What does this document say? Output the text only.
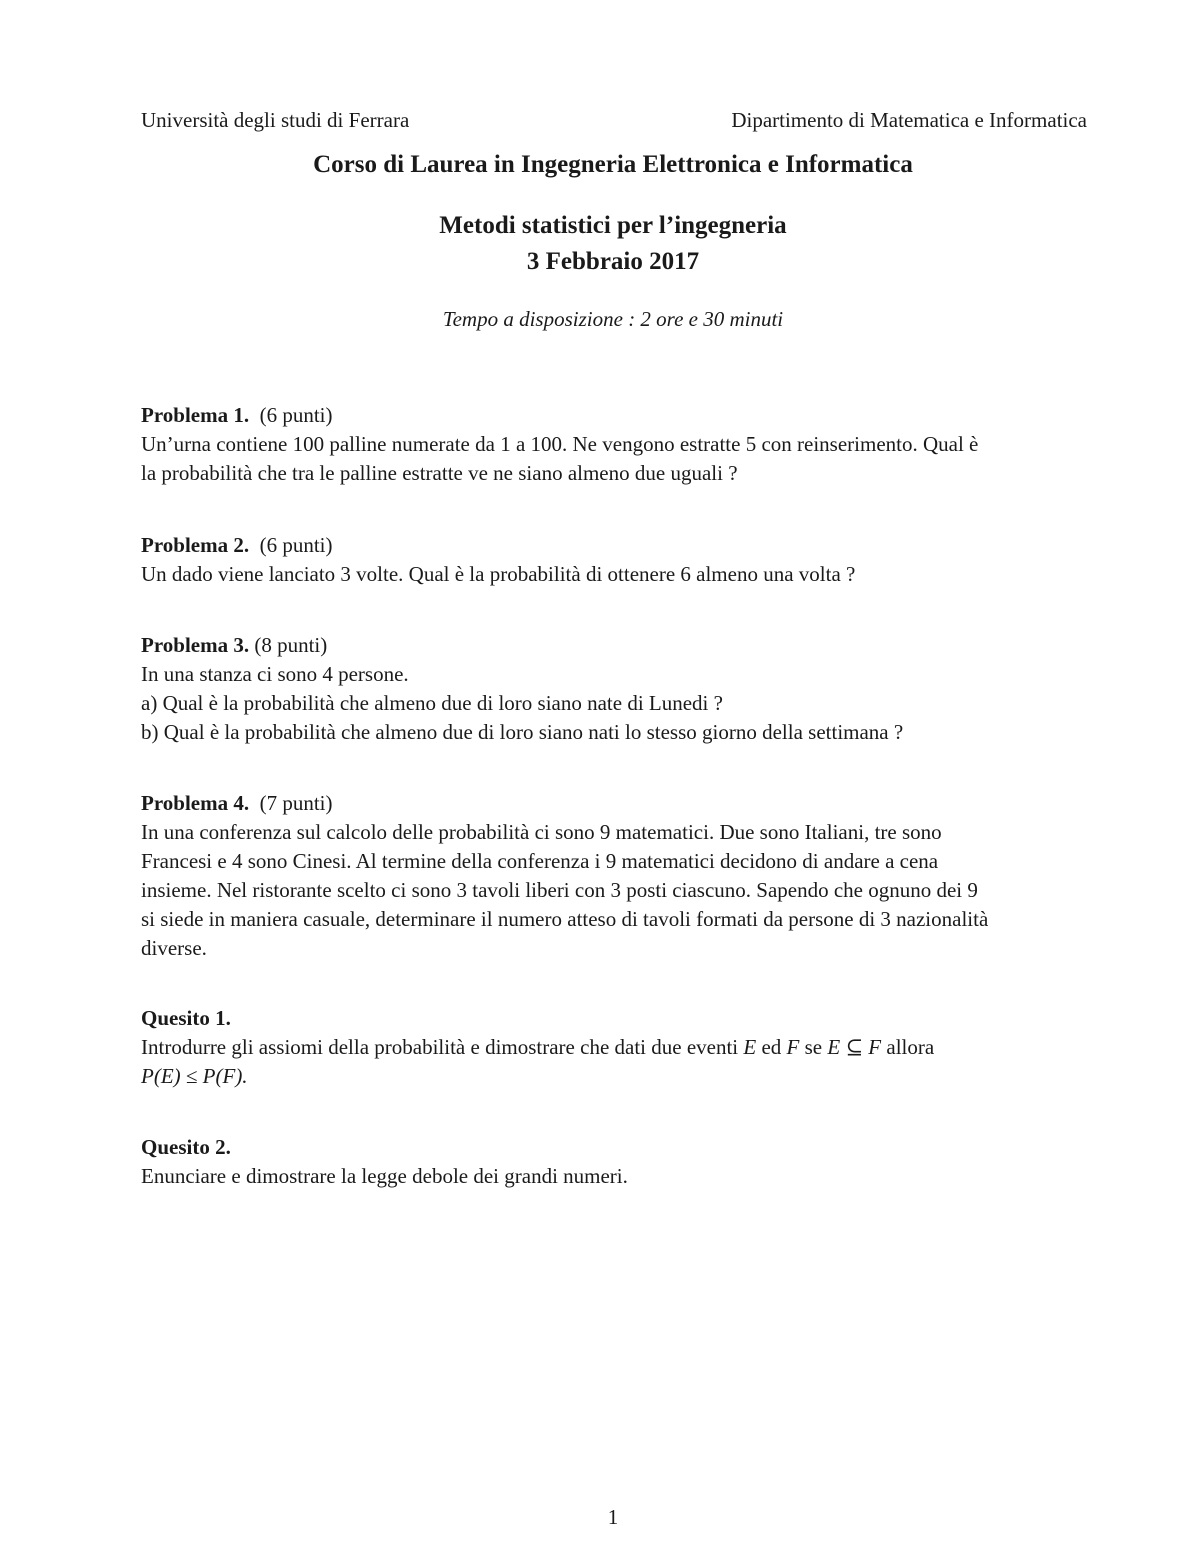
Università degli studi di Ferrara	Dipartimento di Matematica e Informatica
Corso di Laurea in Ingegneria Elettronica e Informatica
Metodi statistici per l’ingegneria
3 Febbraio 2017
Tempo a disposizione : 2 ore e 30 minuti
Problema 1. (6 punti)

Un’urna contiene 100 palline numerate da 1 a 100. Ne vengono estratte 5 con reinserimento. Qual è

la probabilità che tra le palline estratte ve ne siano almeno due uguali ?

Problema 2. (6 punti)

Un dado viene lanciato 3 volte. Qual è la probabilità di ottenere 6 almeno una volta ?

Problema 3. (8 punti)

In una stanza ci sono 4 persone.

a) Qual è la probabilità che almeno due di loro siano nate di Lunedi ?

b) Qual è la probabilità che almeno due di loro siano nati lo stesso giorno della settimana ?

Problema 4. (7 punti)

In una conferenza sul calcolo delle probabilità ci sono 9 matematici. Due sono Italiani, tre sono

Francesi e 4 sono Cinesi. Al termine della conferenza i 9 matematici decidono di andare a cena

insieme. Nel ristorante scelto ci sono 3 tavoli liberi con 3 posti ciascuno. Sapendo che ognuno dei 9

si siede in maniera casuale, determinare il numero atteso di tavoli formati da persone di 3 nazionalità

diverse.

Quesito 1.

Introdurre gli assiomi della probabilità e dimostrare che dati due eventi E ed F se E ⊆ F allora

P(E) ≤ P(F).

Quesito 2.

Enunciare e dimostrare la legge debole dei grandi numeri.

1
